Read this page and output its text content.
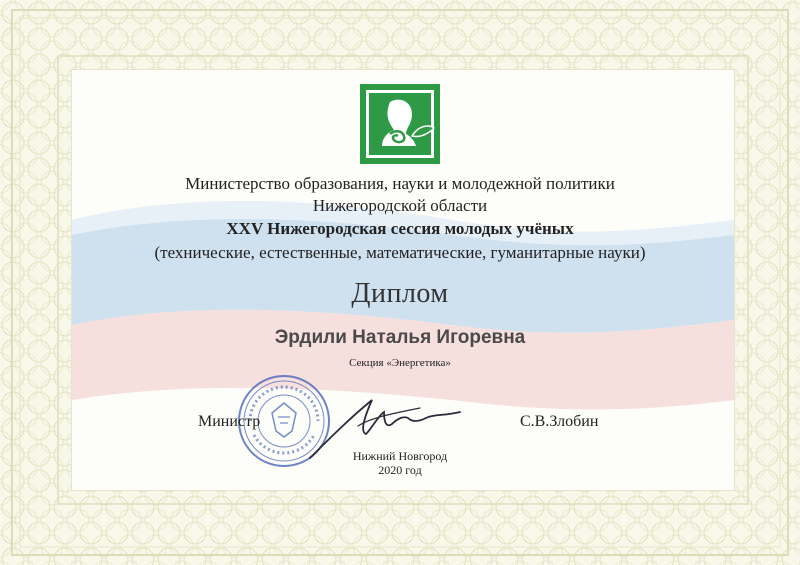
Министерство образования, науки и молодежной политики
Нижегородской области
XXV Нижегородская сессия молодых учёных
(технические, естественные, математические, гуманитарные науки)
Диплом
Эрдили Наталья Игоревна
Секция «Энергетика»
Министр	С.В.Злобин
Нижний Новгород
2020 год
